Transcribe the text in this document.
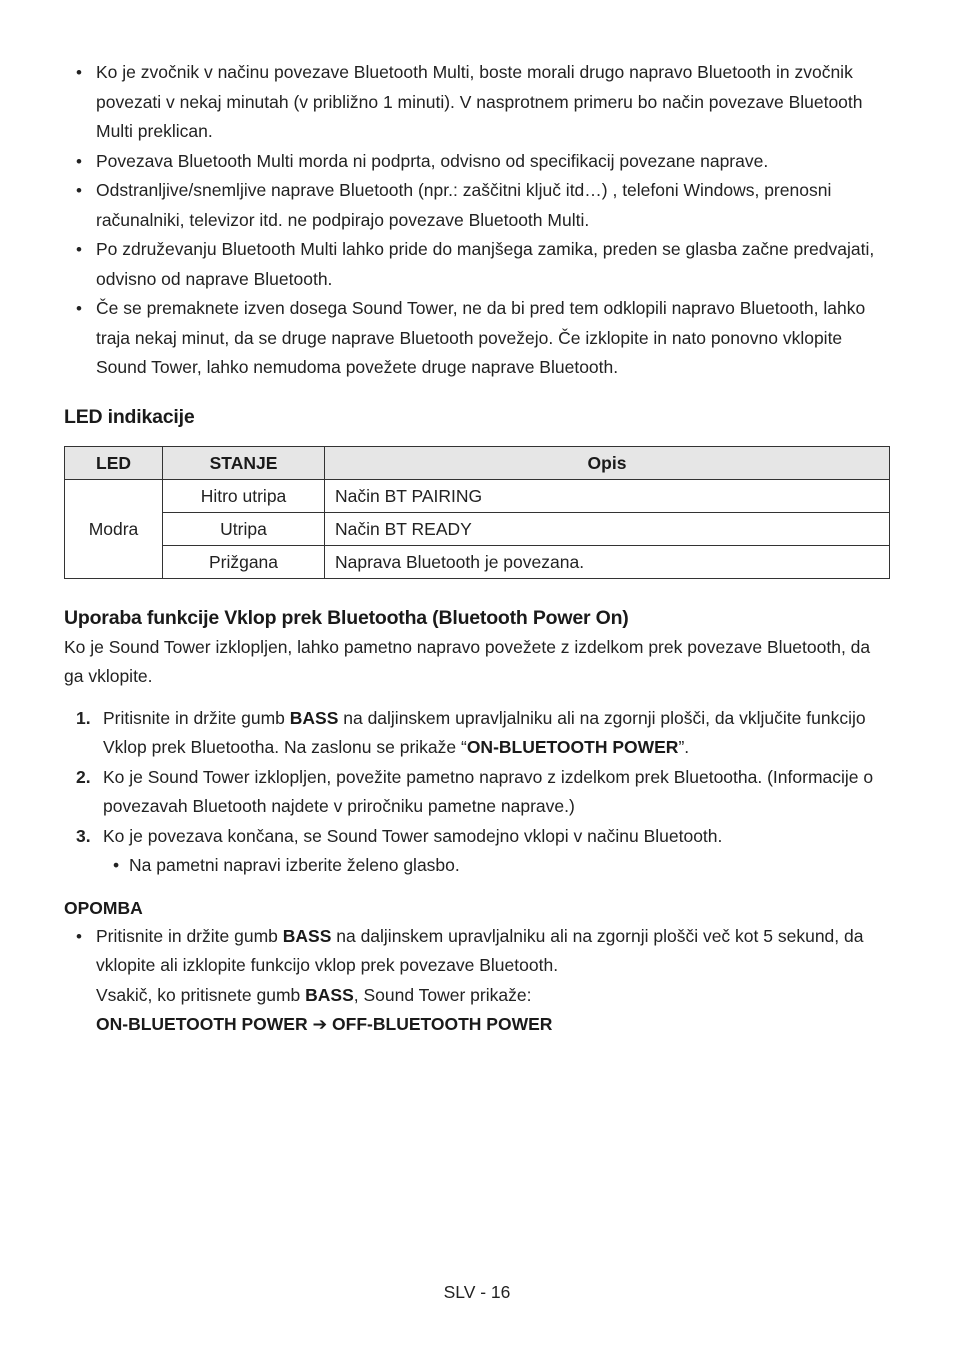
• Ko je zvočnik v načinu povezave Bluetooth Multi, boste morali drugo napravo Bluetooth in zvočnik povezati v nekaj minutah (v približno 1 minuti). V nasprotnem primeru bo način povezave Bluetooth Multi preklican.
• Povezava Bluetooth Multi morda ni podprta, odvisno od specifikacij povezane naprave.
• Odstranljive/snemljive naprave Bluetooth (npr.: zaščitni ključ itd…) , telefoni Windows, prenosni računalniki, televizor itd. ne podpirajo povezave Bluetooth Multi.
• Po združevanju Bluetooth Multi lahko pride do manjšega zamika, preden se glasba začne predvajati, odvisno od naprave Bluetooth.
• Če se premaknete izven dosega Sound Tower, ne da bi pred tem odklopili napravo Bluetooth, lahko traja nekaj minut, da se druge naprave Bluetooth povežejo. Če izklopite in nato ponovno vklopite Sound Tower, lahko nemudoma povežete druge naprave Bluetooth.
LED indikacije
LED	STANJE	Opis
Modra	Hitro utripa	Način BT PAIRING
	Utripa	Način BT READY
	Prižgana	Naprava Bluetooth je povezana.
Uporaba funkcije Vklop prek Bluetootha (Bluetooth Power On)

Ko je Sound Tower izklopljen, lahko pametno napravo povežete z izdelkom prek povezave Bluetooth, da ga vklopite.

1. Pritisnite in držite gumb BASS na daljinskem upravljalniku ali na zgornji plošči, da vključite funkcijo Vklop prek Bluetootha. Na zaslonu se prikaže “ON-BLUETOOTH POWER”.
2. Ko je Sound Tower izklopljen, povežite pametno napravo z izdelkom prek Bluetootha. (Informacije o povezavah Bluetooth najdete v priročniku pametne naprave.)
3. Ko je povezava končana, se Sound Tower samodejno vklopi v načinu Bluetooth.
• Na pametni napravi izberite želeno glasbo.
OPOMBA
• Pritisnite in držite gumb BASS na daljinskem upravljalniku ali na zgornji plošči več kot 5 sekund, da vklopite ali izklopite funkcijo vklop prek povezave Bluetooth.
Vsakič, ko pritisnete gumb BASS, Sound Tower prikaže:
ON-BLUETOOTH POWER ➔ OFF-BLUETOOTH POWER
SLV - 16
